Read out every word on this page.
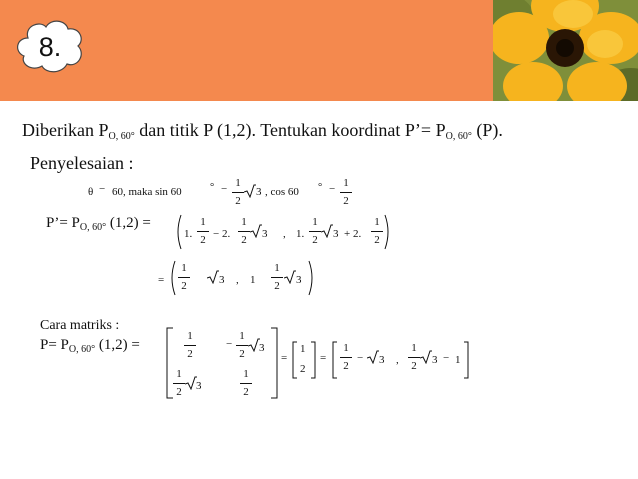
8.
Diberikan $P_{O, 60^\circ}$ dan titik P (1,2). Tentukan koordinat P’= $P_{O, 60^\circ}$ (P).
Penyelesaian :
θ − 60, maka sin 60	° − 1
2
3 , cos 60 ° − 1
2
P’= $P_{O, 60^\circ}$ (1,2) =
1.
1
2 − 2.
1
2 3 , 1.
1
2 3 + 2.
1
2
=
1
2	3 , 1
1
2 3
Cara matriks :
$P= P_{O, 60^\circ}$ (1,2) =
1
2
−
1
2 3
1
2 3
1
2
=
1
2
=
1
2
− 3 ,
1
2 3 − 1
